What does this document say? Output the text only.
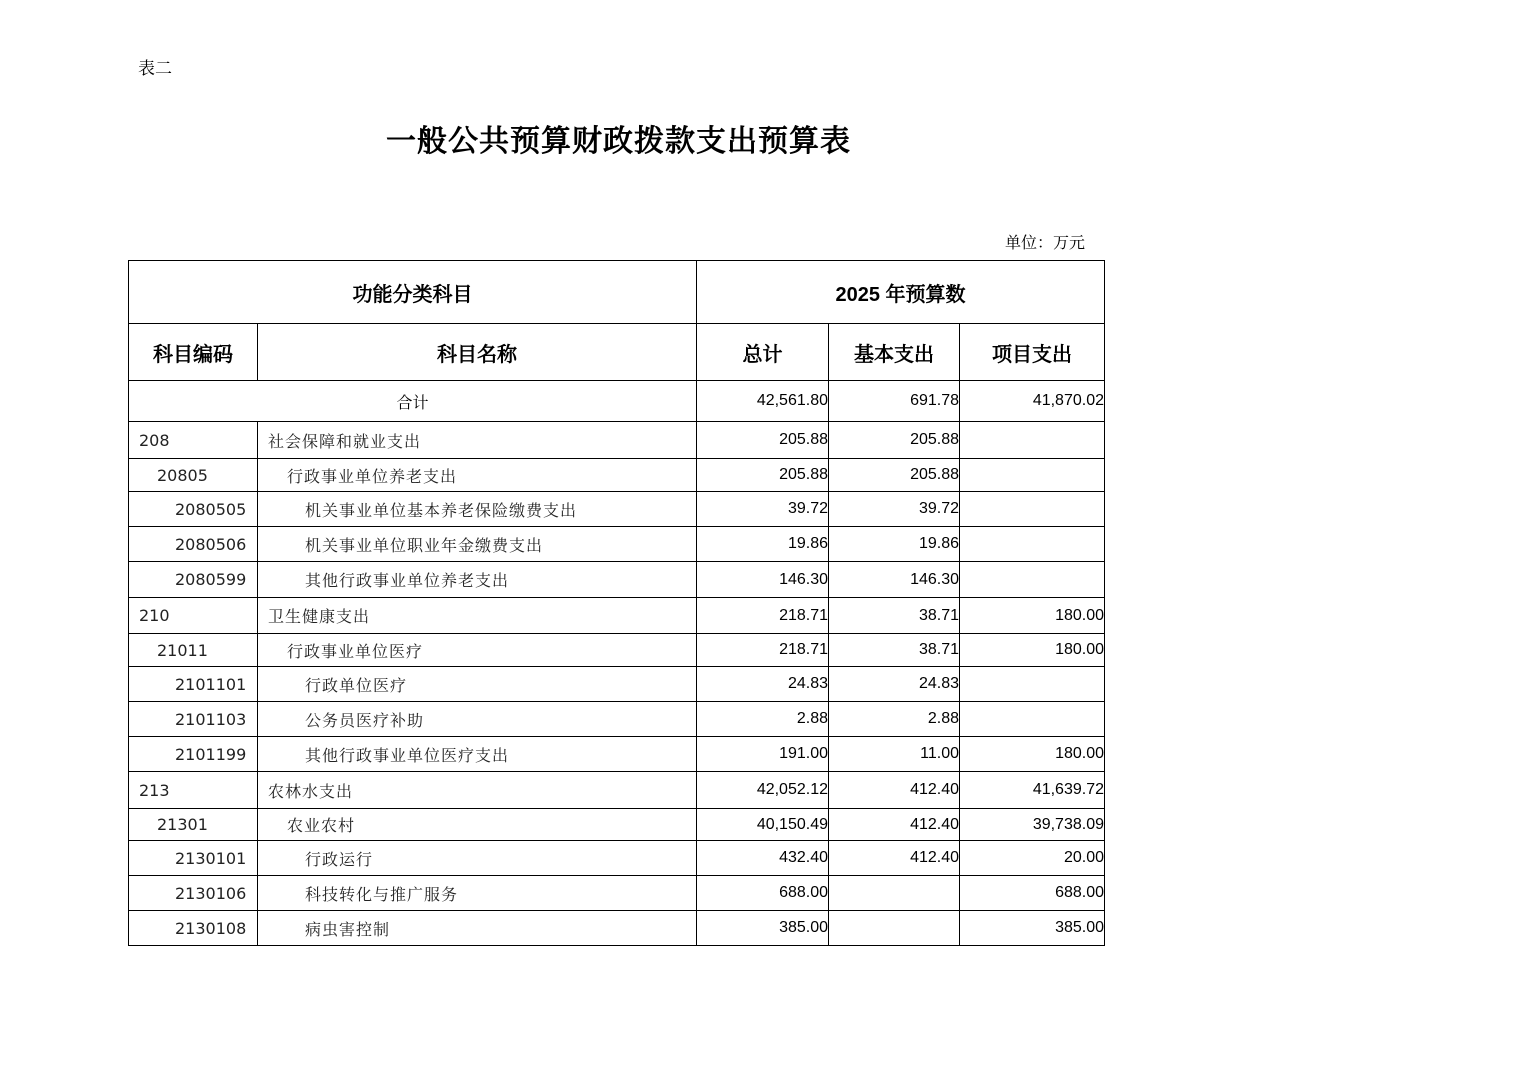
表二
一般公共预算财政拨款支出预算表
单位：万元
功能分类科目		2025 年预算数		
科目编码	科目名称	总计	基本支出	项目支出
合计		42,561.80	691.78	41,870.02
208	社会保障和就业支出	205.88	205.88	
20805	行政事业单位养老支出	205.88	205.88	
2080505	机关事业单位基本养老保险缴费支出	39.72	39.72	
2080506	机关事业单位职业年金缴费支出	19.86	19.86	
2080599	其他行政事业单位养老支出	146.30	146.30	
210	卫生健康支出	218.71	38.71	180.00
21011	行政事业单位医疗	218.71	38.71	180.00
2101101	行政单位医疗	24.83	24.83	
2101103	公务员医疗补助	2.88	2.88	
2101199	其他行政事业单位医疗支出	191.00	11.00	180.00
213	农林水支出	42,052.12	412.40	41,639.72
21301	农业农村	40,150.49	412.40	39,738.09
2130101	行政运行	432.40	412.40	20.00
2130106	科技转化与推广服务	688.00		688.00
2130108	病虫害控制	385.00		385.00
